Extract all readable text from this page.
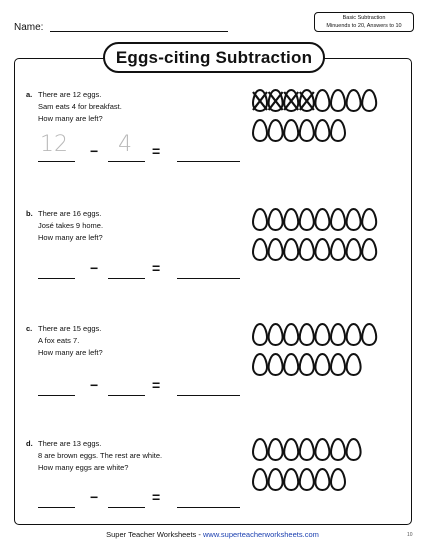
Name:
Basic Subtraction
Minuends to 20, Answers to 10
Eggs-citing Subtraction
a. There are 12 eggs.
Sam eats 4 for breakfast.
How many are left?
12 − 4 =
b. There are 16 eggs.
José takes 9 home.
How many are left?
−	=
c. There are 15 eggs.
A fox eats 7.
How many are left?
−	=
d. There are 13 eggs.
8 are brown eggs. The rest are white.
How many eggs are white?
−	=
Super Teacher Worksheets - www.superteacherworksheets.com	10
